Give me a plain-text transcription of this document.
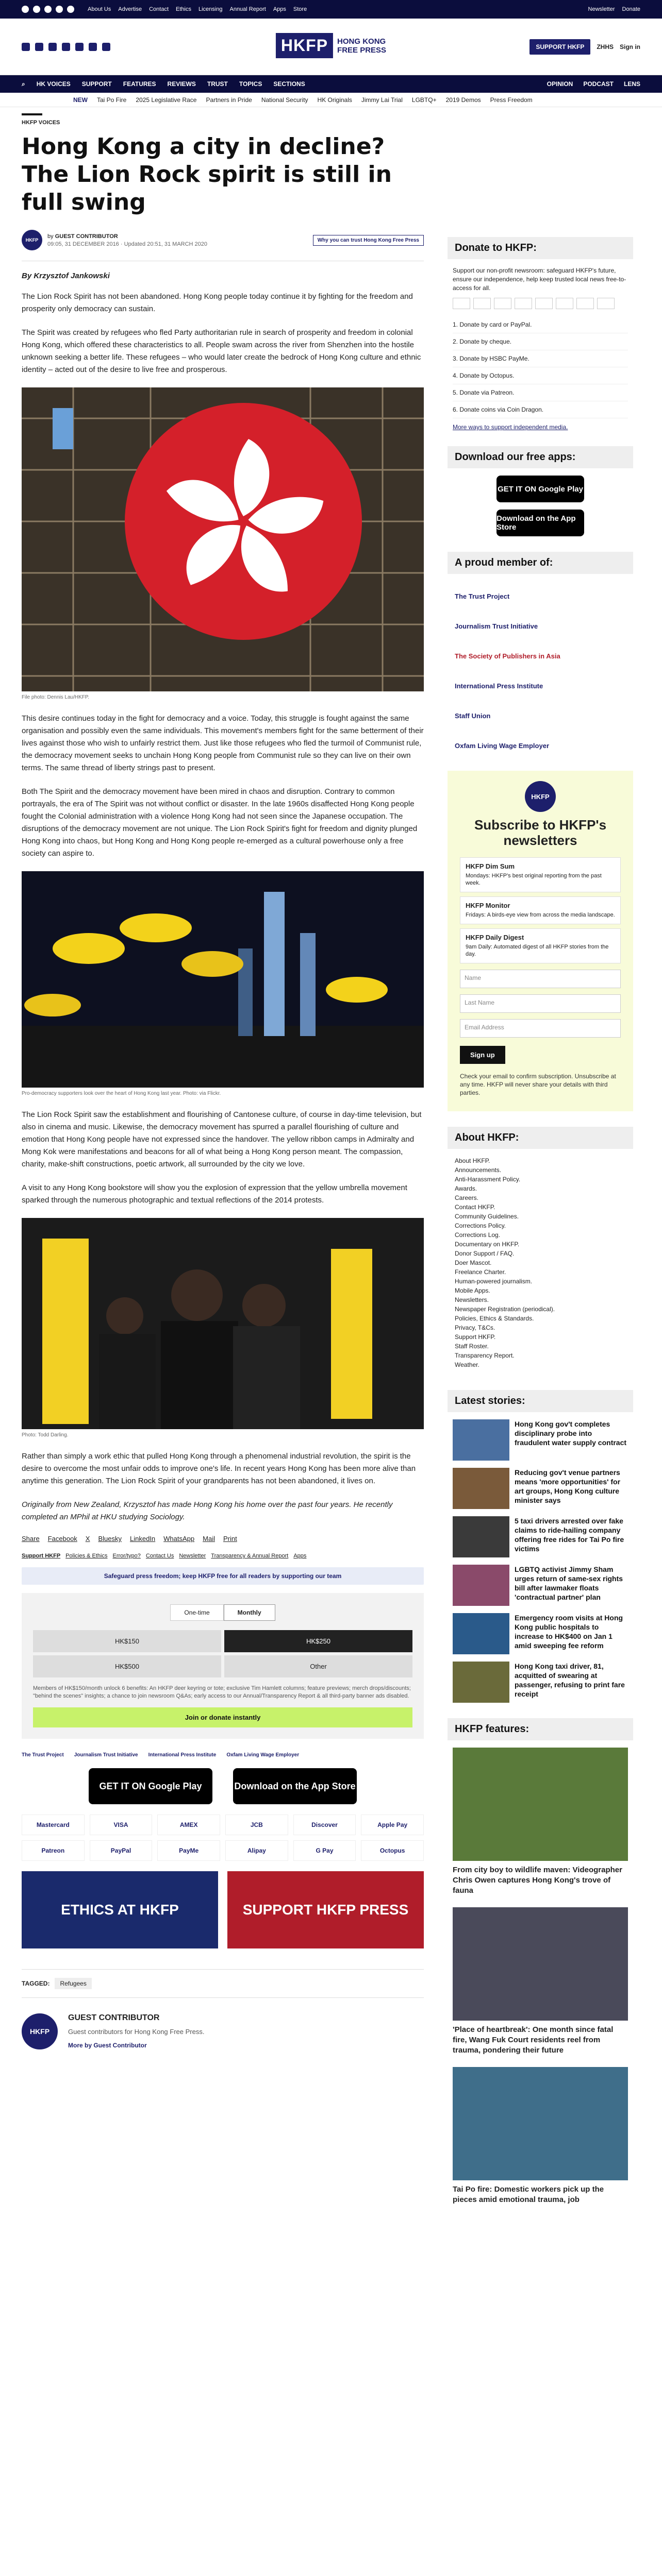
About Us Advertise Contact Ethics Licensing Annual Report Apps Store	Newsletter Donate
HKFP	HONG KONG
FREE PRESS	SUPPORT HKFP	ZHHS Sign in
⌕ HK VOICES SUPPORT FEATURES REVIEWS TRUST TOPICS SECTIONS	OPINION PODCAST LENS
NEW Tai Po Fire 2025 Legislative Race Partners in Pride National Security HK Originals Jimmy Lai Trial LGBTQ+ 2019 Demos Press Freedom
HKFP VOICES
Hong Kong a city in decline? The Lion Rock spirit is still in full swing
HKFP
by GUEST CONTRIBUTOR
09:05, 31 DECEMBER 2016 · Updated 20:51, 31 MARCH 2020
Why you can trust Hong Kong Free Press
By Krzysztof Jankowski

The Lion Rock Spirit has not been abandoned. Hong Kong people today continue it by fighting for the freedom and prosperity only democracy can sustain.

The Spirit was created by refugees who fled Party authoritarian rule in search of prosperity and freedom in colonial Hong Kong, which offered these characteristics to all. People swam across the river from Shenzhen into the hostile unknown seeking a better life. These refugees – who would later create the bedrock of Hong Kong culture and ethnic identity – acted out of the desire to live free and prosperous.

File photo: Dennis Lau/HKFP.

This desire continues today in the fight for democracy and a voice. Today, this struggle is fought against the same organisation and possibly even the same individuals. This movement's members fight for the same betterment of their lives against those who wish to unfairly restrict them. Just like those refugees who fled the turmoil of Communist rule, the democracy movement seeks to unchain Hong Kong people from Communist rule so they can live on their own terms. The same thread of liberty strings past to present.

Both The Spirit and the democracy movement have been mired in chaos and disruption. Contrary to common portrayals, the era of The Spirit was not without conflict or disaster. In the late 1960s disaffected Hong Kong people fought the Colonial administration with a violence Hong Kong had not seen since the Japanese occupation. The disruptions of the democracy movement are not unique. The Lion Rock Spirit's fight for freedom and dignity plunged Hong Kong into chaos, but Hong Kong and Hong Kong people re-emerged as a cultural powerhouse only a free society can aspire to.

Pro-democracy supporters look over the heart of Hong Kong last year. Photo: via Flickr.

The Lion Rock Spirit saw the establishment and flourishing of Cantonese culture, of course in day-time television, but also in cinema and music. Likewise, the democracy movement has spurred a parallel flourishing of culture and emotion that Hong Kong people have not expressed since the handover. The yellow ribbon camps in Admiralty and Mong Kok were manifestations and beacons for all of what being a Hong Kong person meant. The compassion, charity, make-shift constructions, poetic artwork, all surrounded by the city we love.

A visit to any Hong Kong bookstore will show you the explosion of expression that the yellow umbrella movement sparked through the numerous photographic and textual reflections of the 2014 protests.

Photo: Todd Darling.

Rather than simply a work ethic that pulled Hong Kong through a phenomenal industrial revolution, the spirit is the desire to overcome the most unfair odds to improve one's life. In recent years Hong Kong has been more alive than anytime this generation. The Lion Rock Spirit of your grandparents has not been abandoned, it lives on.

Originally from New Zealand, Krzysztof has made Hong Kong his home over the past four years. He recently completed an MPhil at HKU studying Sociology.

Share Facebook X Bluesky LinkedIn WhatsApp Mail Print
Support HKFP Policies & Ethics Error/typo? Contact Us Newsletter Transparency & Annual Report Apps
Safeguard press freedom; keep HKFP free for all readers by supporting our team
One-time	Monthly
HK$150	HK$250
HK$500	Other
Members of HK$150/month unlock 6 benefits: An HKFP deer keyring or tote; exclusive Tim Hamlett columns; feature previews; merch drops/discounts; "behind the scenes" insights; a chance to join newsroom Q&As; early access to our Annual/Transparency Report & all third-party banner ads disabled.
Join or donate instantly
The Trust Project Journalism Trust Initiative International Press Institute Oxfam Living Wage Employer
GET IT ON Google Play	Download on the App Store
Mastercard	VISA	AMEX	JCB	Discover	Apple Pay
Patreon	PayPal	PayMe	Alipay	G Pay	Octopus
ETHICS AT HKFP	SUPPORT HKFP PRESS
TAGGED:	Refugees
HKFP
GUEST CONTRIBUTOR

Guest contributors for Hong Kong Free Press.

More by Guest Contributor
Donate to HKFP:
Support our non-profit newsroom: safeguard HKFP's future, ensure our independence, help keep trusted local news free-to-access for all.
1. Donate by card or PayPal.
2. Donate by cheque.
3. Donate by HSBC PayMe.
4. Donate by Octopus.
5. Donate via Patreon.
6. Donate coins via Coin Dragon.
More ways to support independent media.
Download our free apps:
GET IT ON Google Play
Download on the App Store
A proud member of:
The Trust Project
Journalism Trust Initiative
The Society of Publishers in Asia
International Press Institute
Staff Union
Oxfam Living Wage Employer
HKFP
Subscribe to HKFP's newsletters
HKFP Dim Sum
Mondays: HKFP's best original reporting from the past week.
HKFP Monitor
Fridays: A birds-eye view from across the media landscape.
HKFP Daily Digest
9am Daily: Automated digest of all HKFP stories from the day.
Name
Last Name
Email Address
Sign up
Check your email to confirm subscription. Unsubscribe at any time. HKFP will never share your details with third parties.
About HKFP:
About HKFP.
Announcements.
Anti-Harassment Policy.
Awards.
Careers.
Contact HKFP.
Community Guidelines.
Corrections Policy.
Corrections Log.
Documentary on HKFP.
Donor Support / FAQ.
Doer Mascot.
Freelance Charter.
Human-powered journalism.
Mobile Apps.
Newsletters.
Newspaper Registration (periodical).
Policies, Ethics & Standards.
Privacy, T&Cs.
Support HKFP.
Staff Roster.
Transparency Report.
Weather.
Latest stories:
Hong Kong gov't completes disciplinary probe into fraudulent water supply contract
Reducing gov't venue partners means 'more opportunities' for art groups, Hong Kong culture minister says
5 taxi drivers arrested over fake claims to ride-hailing company offering free rides for Tai Po fire victims
LGBTQ activist Jimmy Sham urges return of same-sex rights bill after lawmaker floats 'contractual partner' plan
Emergency room visits at Hong Kong public hospitals to increase to HK$400 on Jan 1 amid sweeping fee reform
Hong Kong taxi driver, 81, acquitted of swearing at passenger, refusing to print fare receipt
HKFP features:
From city boy to wildlife maven: Videographer Chris Owen captures Hong Kong's trove of fauna
'Place of heartbreak': One month since fatal fire, Wang Fuk Court residents reel from trauma, pondering their future
Tai Po fire: Domestic workers pick up the pieces amid emotional trauma, job
